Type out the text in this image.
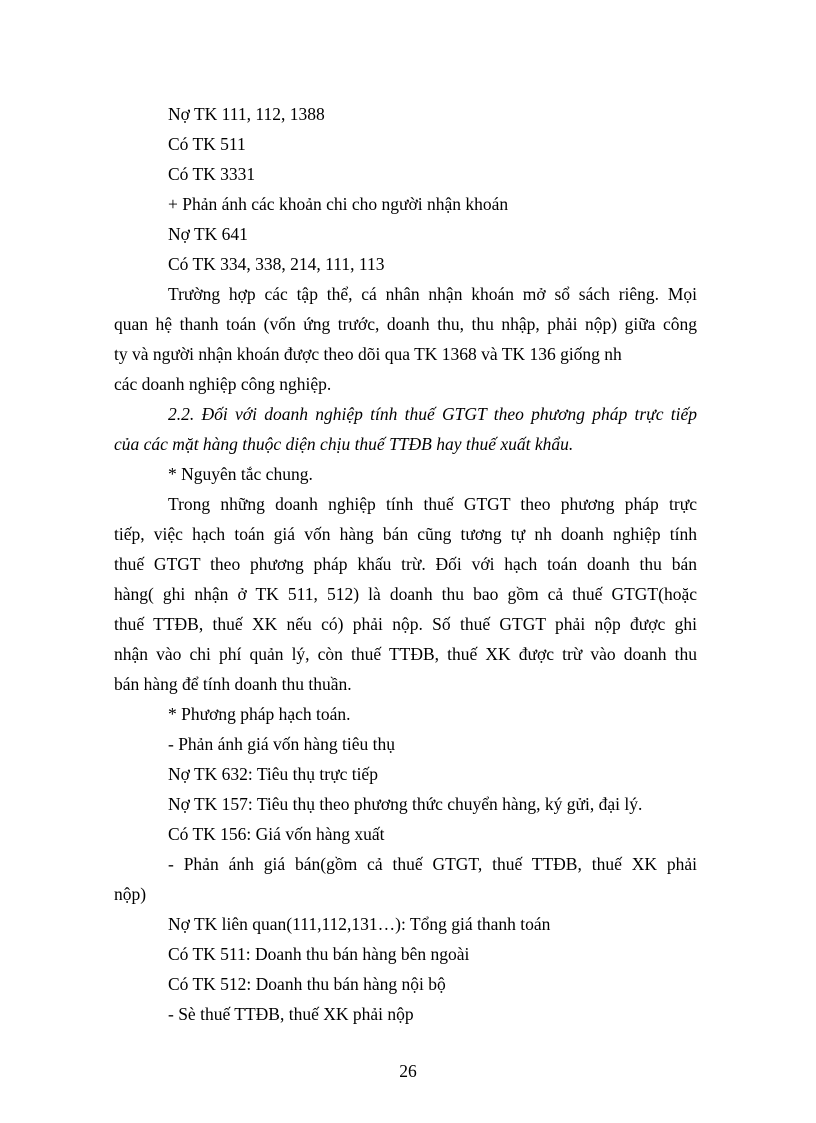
Nợ TK 111, 112, 1388
Có TK 511
Có TK 3331
+ Phản ánh các khoản chi cho người nhận khoán
Nợ TK 641
Có TK 334, 338, 214, 111, 113
Trường hợp các tập thể, cá nhân nhận khoán mở sổ sách riêng. Mọi
quan hệ thanh toán (vốn ứng trước, doanh thu, thu nhập, phải nộp) giữa công
ty và người nhận khoán được theo dõi qua TK 1368 và TK 136 giống nh
các doanh nghiệp công nghiệp.
2.2. Đối với doanh nghiệp tính thuế GTGT theo phương pháp trực tiếp
của các mặt hàng thuộc diện chịu thuế TTĐB hay thuế xuất khẩu.
* Nguyên tắc chung.
Trong những doanh nghiệp tính thuế GTGT theo phương pháp trực
tiếp, việc hạch toán giá vốn hàng bán cũng tương tự nh doanh nghiệp tính
thuế GTGT theo phương pháp khấu trừ. Đối với hạch toán doanh thu bán
hàng( ghi nhận ở TK 511, 512) là doanh thu bao gồm cả thuế GTGT(hoặc
thuế TTĐB, thuế XK nếu có) phải nộp. Số thuế GTGT phải nộp được ghi
nhận vào chi phí quản lý, còn thuế TTĐB, thuế XK được trừ vào doanh thu
bán hàng để tính doanh thu thuần.
* Phương pháp hạch toán.
- Phản ánh giá vốn hàng tiêu thụ
Nợ TK 632: Tiêu thụ trực tiếp
Nợ TK 157: Tiêu thụ theo phương thức chuyển hàng, ký gửi, đại lý.
Có TK 156: Giá vốn hàng xuất
- Phản ánh giá bán(gồm cả thuế GTGT, thuế TTĐB, thuế XK phải
nộp)
Nợ TK liên quan(111,112,131…): Tổng giá thanh toán
Có TK 511: Doanh thu bán hàng bên ngoài
Có TK 512: Doanh thu bán hàng nội bộ
- Sè thuế TTĐB, thuế XK phải nộp
26
